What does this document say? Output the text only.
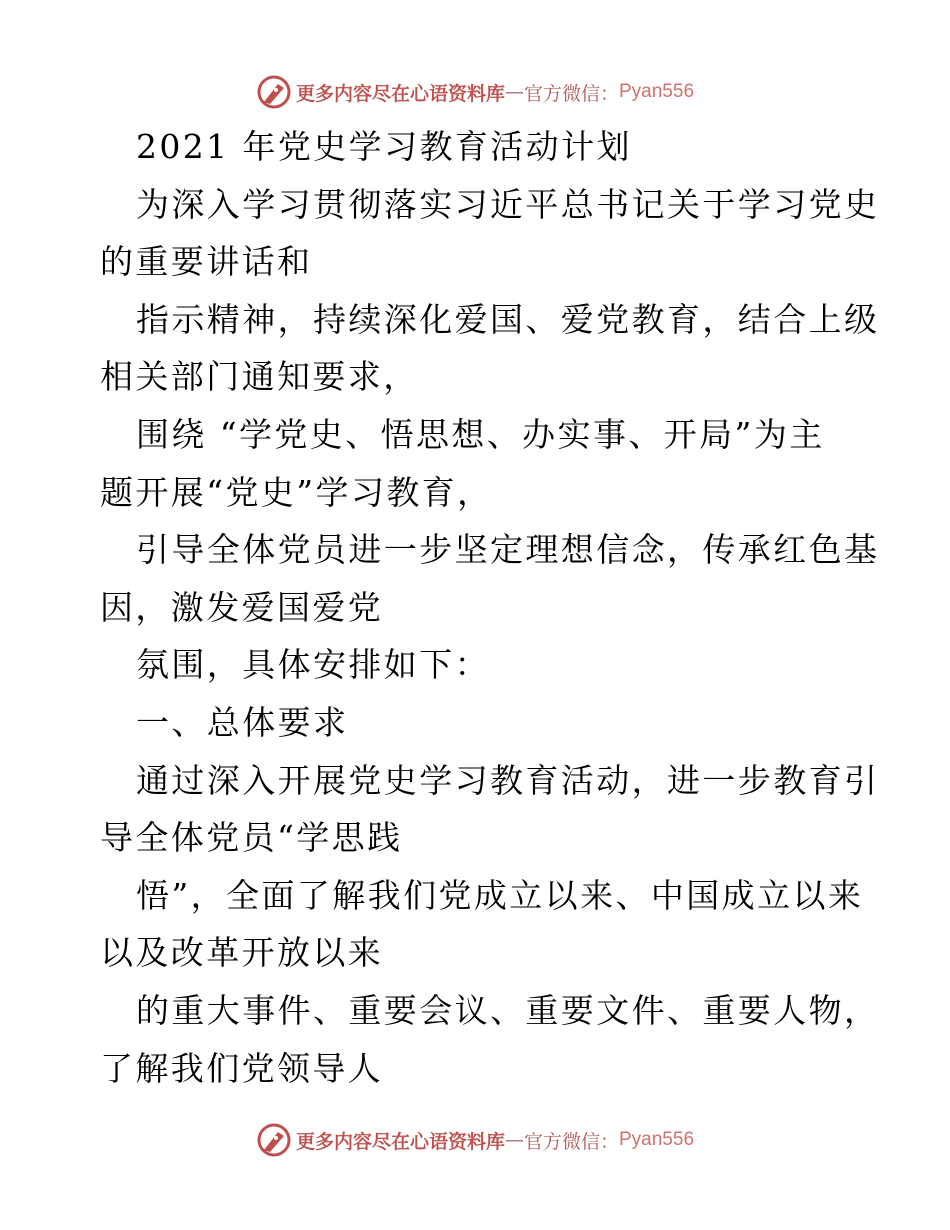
更多内容尽在心语资料库 — 官方微信： Pyan556
2021 年党史学习教育活动计划
为深入学习贯彻落实习近平总书记关于学习党史
的重要讲话和
指示精神，持续深化爱国、爱党教育，结合上级
相关部门通知要求，
围绕 “学党史、悟思想、办实事、开局”为主
题开展“党史”学习教育，
引导全体党员进一步坚定理想信念，传承红色基
因，激发爱国爱党
氛围，具体安排如下：
一、总体要求
通过深入开展党史学习教育活动，进一步教育引
导全体党员“学思践
悟”，全面了解我们党成立以来、中国成立以来
以及改革开放以来
的重大事件、重要会议、重要文件、重要人物，
了解我们党领导人
更多内容尽在心语资料库 — 官方微信： Pyan556
